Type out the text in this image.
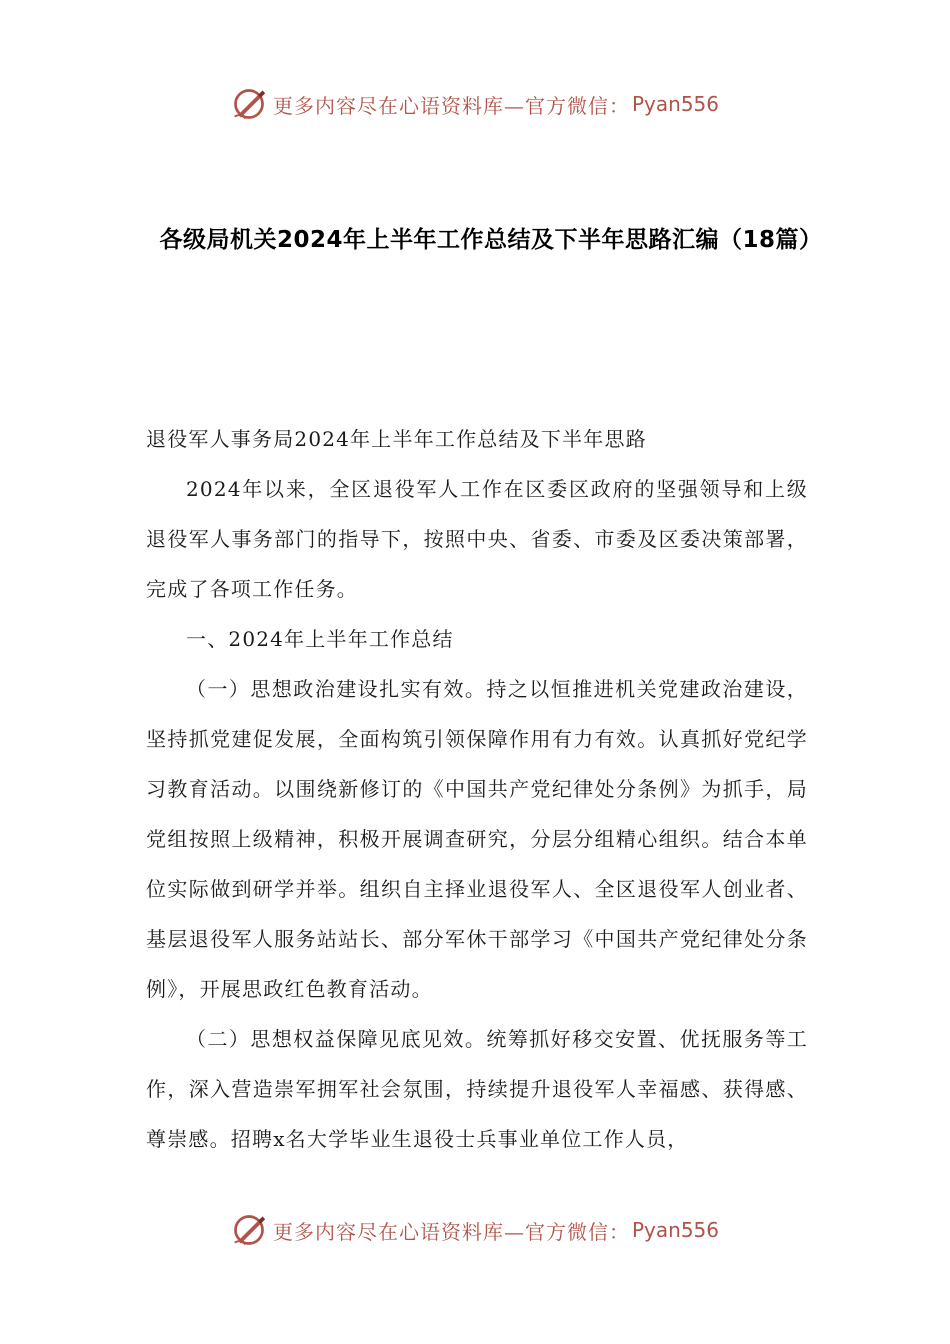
更多内容尽在心语资料库—官方微信： Pyan556
各级局机关2024年上半年工作总结及下半年思路汇编（18篇）

退役军人事务局2024年上半年工作总结及下半年思路

2024年以来，全区退役军人工作在区委区政府的坚强领导和上级退役军人事务部门的指导下，按照中央、省委、市委及区委决策部署，完成了各项工作任务。

一、2024年上半年工作总结

（一）思想政治建设扎实有效。持之以恒推进机关党建政治建设，坚持抓党建促发展，全面构筑引领保障作用有力有效。认真抓好党纪学习教育活动。以围绕新修订的《中国共产党纪律处分条例》为抓手，局党组按照上级精神，积极开展调查研究，分层分组精心组织。结合本单位实际做到研学并举。组织自主择业退役军人、全区退役军人创业者、基层退役军人服务站站长、部分军休干部学习《中国共产党纪律处分条例》，开展思政红色教育活动。

（二）思想权益保障见底见效。统筹抓好移交安置、优抚服务等工作，深入营造崇军拥军社会氛围，持续提升退役军人幸福感、获得感、尊崇感。招聘x名大学毕业生退役士兵事业单位工作人员，

更多内容尽在心语资料库—官方微信： Pyan556
